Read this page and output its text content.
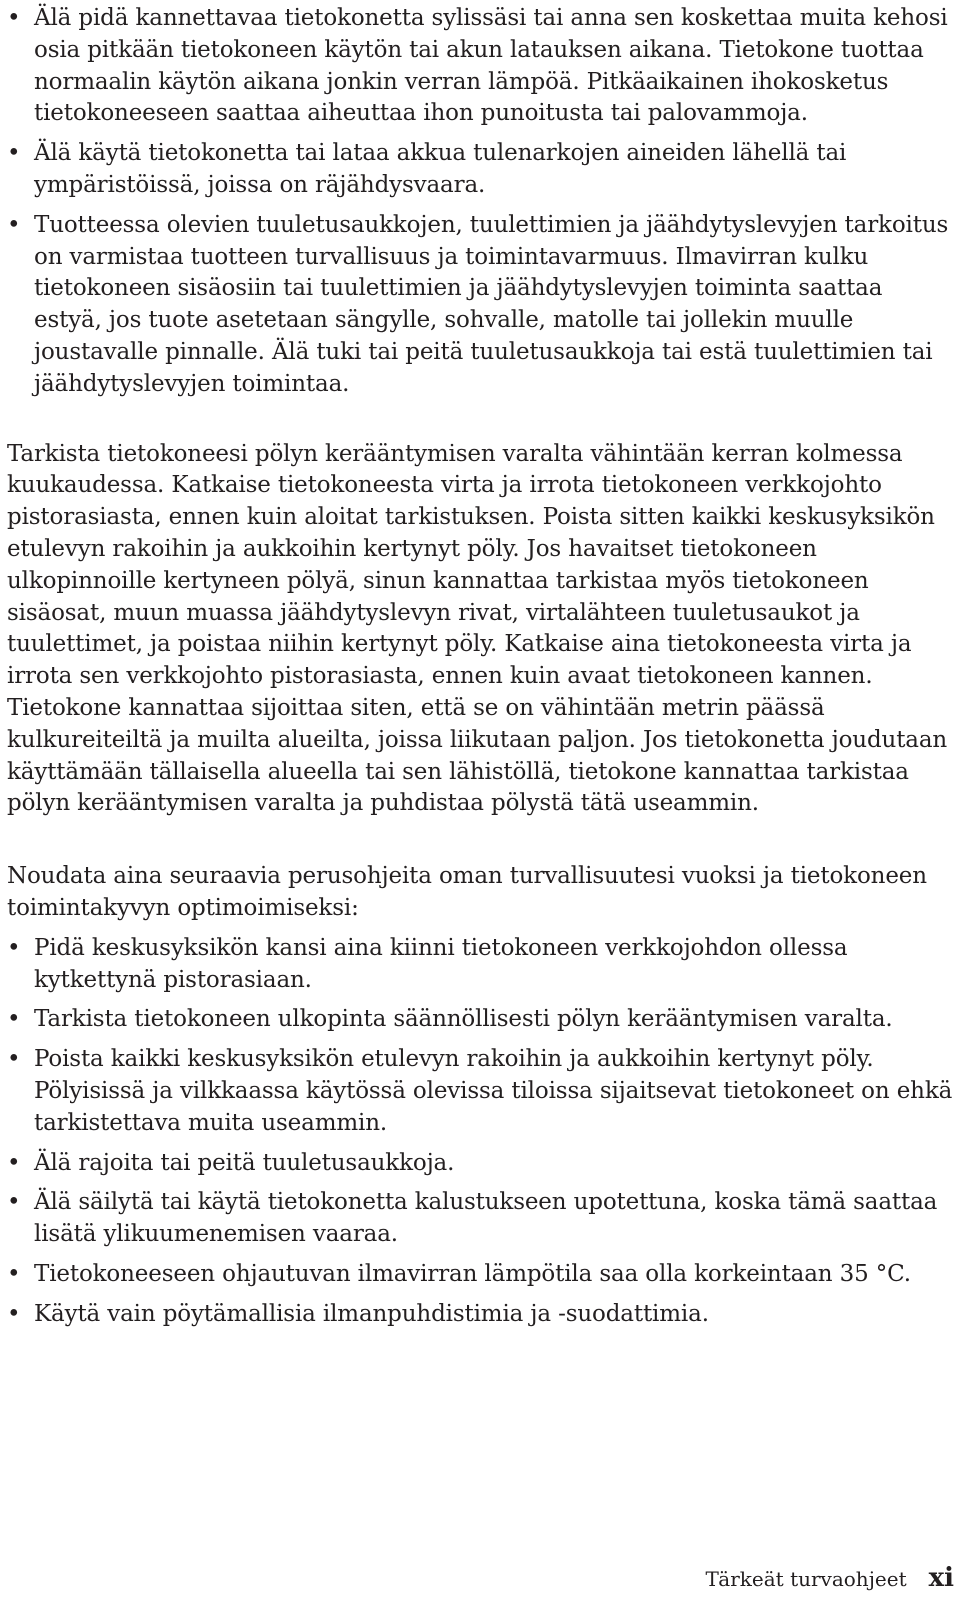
•
Älä pidä kannettavaa tietokonetta sylissäsi tai anna sen koskettaa muita kehosi osia pitkään tietokoneen käytön tai akun latauksen aikana. Tietokone tuottaa normaalin käytön aikana jonkin verran lämpöä. Pitkäaikainen ihokosketus tietokoneeseen saattaa aiheuttaa ihon punoitusta tai palovammoja.
•
Älä käytä tietokonetta tai lataa akkua tulenarkojen aineiden lähellä tai ympäristöissä, joissa on räjähdysvaara.
•
Tuotteessa olevien tuuletusaukkojen, tuulettimien ja jäähdytyslevyjen tarkoitus on varmistaa tuotteen turvallisuus ja toimintavarmuus. Ilmavirran kulku tietokoneen sisäosiin tai tuulettimien ja jäähdytyslevyjen toiminta saattaa estyä, jos tuote asetetaan sängylle, sohvalle, matolle tai jollekin muulle joustavalle pinnalle. Älä tuki tai peitä tuuletusaukkoja tai estä tuulettimien tai jäähdytyslevyjen toimintaa.

Tarkista tietokoneesi pölyn kerääntymisen varalta vähintään kerran kolmessa kuukaudessa. Katkaise tietokoneesta virta ja irrota tietokoneen verkkojohto pistorasiasta, ennen kuin aloitat tarkistuksen. Poista sitten kaikki keskusyksikön etulevyn rakoihin ja aukkoihin kertynyt pöly. Jos havaitset tietokoneen ulkopinnoille kertyneen pölyä, sinun kannattaa tarkistaa myös tietokoneen sisäosat, muun muassa jäähdytyslevyn rivat, virtalähteen tuuletusaukot ja tuulettimet, ja poistaa niihin kertynyt pöly. Katkaise aina tietokoneesta virta ja irrota sen verkkojohto pistorasiasta, ennen kuin avaat tietokoneen kannen. Tietokone kannattaa sijoittaa siten, että se on vähintään metrin päässä kulkureiteiltä ja muilta alueilta, joissa liikutaan paljon. Jos tietokonetta joudutaan käyttämään tällaisella alueella tai sen lähistöllä, tietokone kannattaa tarkistaa pölyn kerääntymisen varalta ja puhdistaa pölystä tätä useammin.

Noudata aina seuraavia perusohjeita oman turvallisuutesi vuoksi ja tietokoneen toimintakyvyn optimoimiseksi:

•
Pidä keskusyksikön kansi aina kiinni tietokoneen verkkojohdon ollessa kytkettynä pistorasiaan.
•
Tarkista tietokoneen ulkopinta säännöllisesti pölyn kerääntymisen varalta.
•
Poista kaikki keskusyksikön etulevyn rakoihin ja aukkoihin kertynyt pöly. Pölyisissä ja vilkkaassa käytössä olevissa tiloissa sijaitsevat tietokoneet on ehkä tarkistettava muita useammin.
•
Älä rajoita tai peitä tuuletusaukkoja.
•
Älä säilytä tai käytä tietokonetta kalustukseen upotettuna, koska tämä saattaa lisätä ylikuumenemisen vaaraa.
•
Tietokoneeseen ohjautuvan ilmavirran lämpötila saa olla korkeintaan 35 °C.
•
Käytä vain pöytämallisia ilmanpuhdistimia ja -suodattimia.
Tärkeät turvaohjeet xi
